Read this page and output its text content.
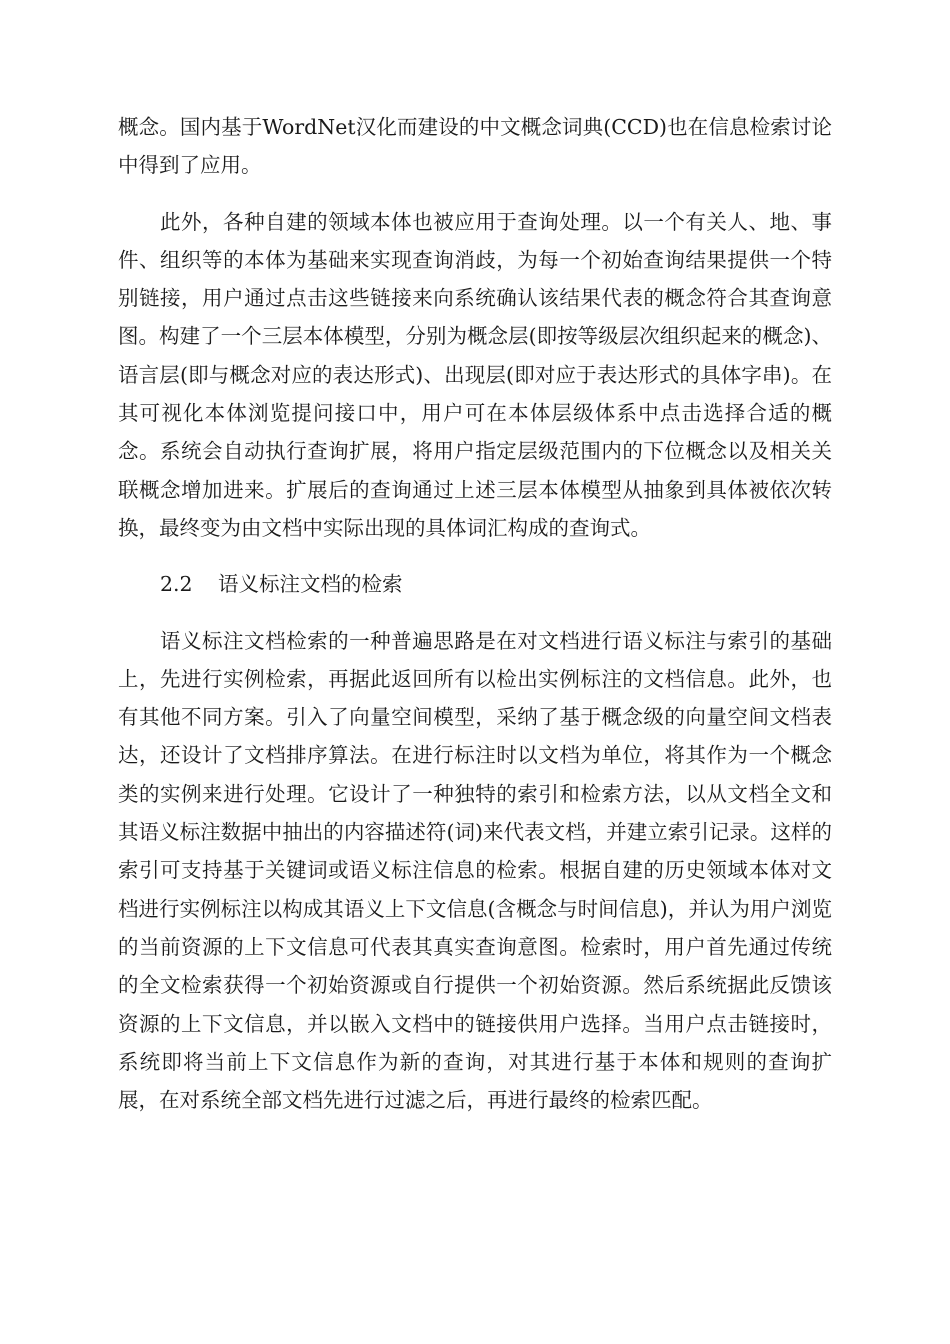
概念。国内基于WordNet汉化而建设的中文概念词典(CCD)也在信息检索讨论中得到了应用。

此外，各种自建的领域本体也被应用于查询处理。以一个有关人、地、事件、组织等的本体为基础来实现查询消歧，为每一个初始查询结果提供一个特别链接，用户通过点击这些链接来向系统确认该结果代表的概念符合其查询意图。构建了一个三层本体模型，分别为概念层(即按等级层次组织起来的概念)、语言层(即与概念对应的表达形式)、出现层(即对应于表达形式的具体字串)。在其可视化本体浏览提问接口中，用户可在本体层级体系中点击选择合适的概念。系统会自动执行查询扩展，将用户指定层级范围内的下位概念以及相关关联概念增加进来。扩展后的查询通过上述三层本体模型从抽象到具体被依次转换，最终变为由文档中实际出现的具体词汇构成的查询式。

2.2 语义标注文档的检索

语义标注文档检索的一种普遍思路是在对文档进行语义标注与索引的基础上，先进行实例检索，再据此返回所有以检出实例标注的文档信息。此外，也有其他不同方案。引入了向量空间模型，采纳了基于概念级的向量空间文档表达，还设计了文档排序算法。在进行标注时以文档为单位，将其作为一个概念类的实例来进行处理。它设计了一种独特的索引和检索方法，以从文档全文和其语义标注数据中抽出的内容描述符(词)来代表文档，并建立索引记录。这样的索引可支持基于关键词或语义标注信息的检索。根据自建的历史领域本体对文档进行实例标注以构成其语义上下文信息(含概念与时间信息)，并认为用户浏览的当前资源的上下文信息可代表其真实查询意图。检索时，用户首先通过传统的全文检索获得一个初始资源或自行提供一个初始资源。然后系统据此反馈该资源的上下文信息，并以嵌入文档中的链接供用户选择。当用户点击链接时，系统即将当前上下文信息作为新的查询，对其进行基于本体和规则的查询扩展，在对系统全部文档先进行过滤之后，再进行最终的检索匹配。
